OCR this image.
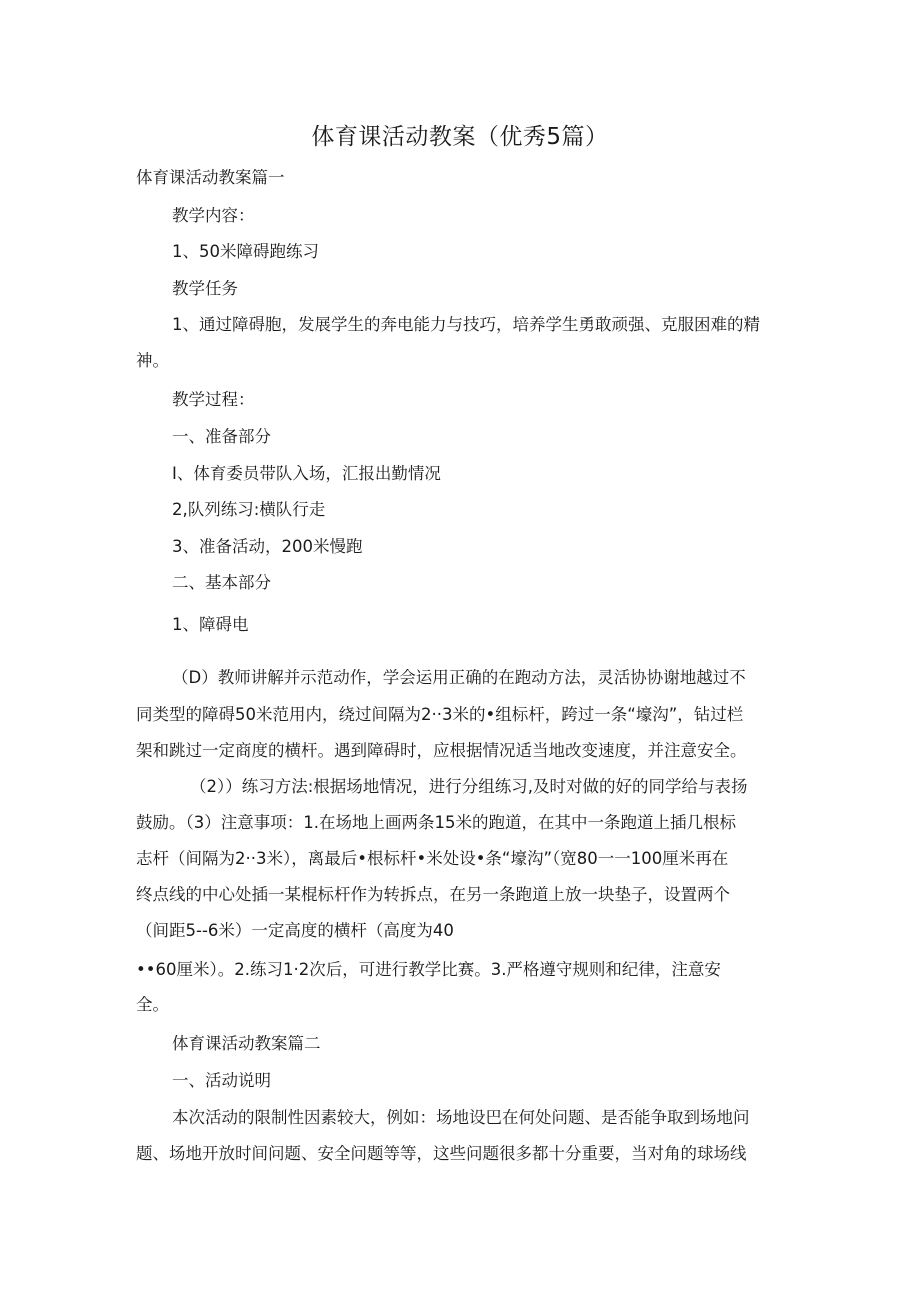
体育课活动教案（优秀5篇）

体育课活动教案篇一

教学内容：

1、50米障碍跑练习

教学任务

1、通过障碍胞，发展学生的奔电能力与技巧，培养学生勇敢顽强、克服困难的精

神。

教学过程：

一、准备部分

I、体育委员带队入场，汇报出勤情况

2,队列练习:横队行走

3、准备活动，200米慢跑

二、基本部分

1、障碍电

（D）教师讲解并示范动作，学会运用正确的在跑动方法，灵活协协谢地越过不

同类型的障碍50米范用内，绕过间隔为2··3米的•组标杆，跨过一条“壕沟”，钻过栏

架和跳过一定商度的横杆。遇到障碍时，应根据情况适当地改变速度，并注意安全。

（2））练习方法:根据场地情况，进行分组练习,及时对做的好的同学给与表扬

鼓励。（3）注意事项：1.在场地上画两条15米的跑道，在其中一条跑道上插几根标

志杆（间隔为2··3米），离最后•根标杆•米处设•条“壕沟”（宽80一一100厘米再在

终点线的中心处插一某棍标杆作为转拆点，在另一条跑道上放一块垫子，设置两个

（间距5--6米）一定高度的横杆（高度为40

••60厘米）。2.练习1·2次后，可进行教学比赛。3.严格遵守规则和纪律，注意安

全。

体育课活动教案篇二

一、活动说明

本次活动的限制性因素较大，例如：场地设巴在何处问题、是否能争取到场地问

题、场地开放时间问题、安全问题等等，这些问题很多都十分重要，当对角的球场线
